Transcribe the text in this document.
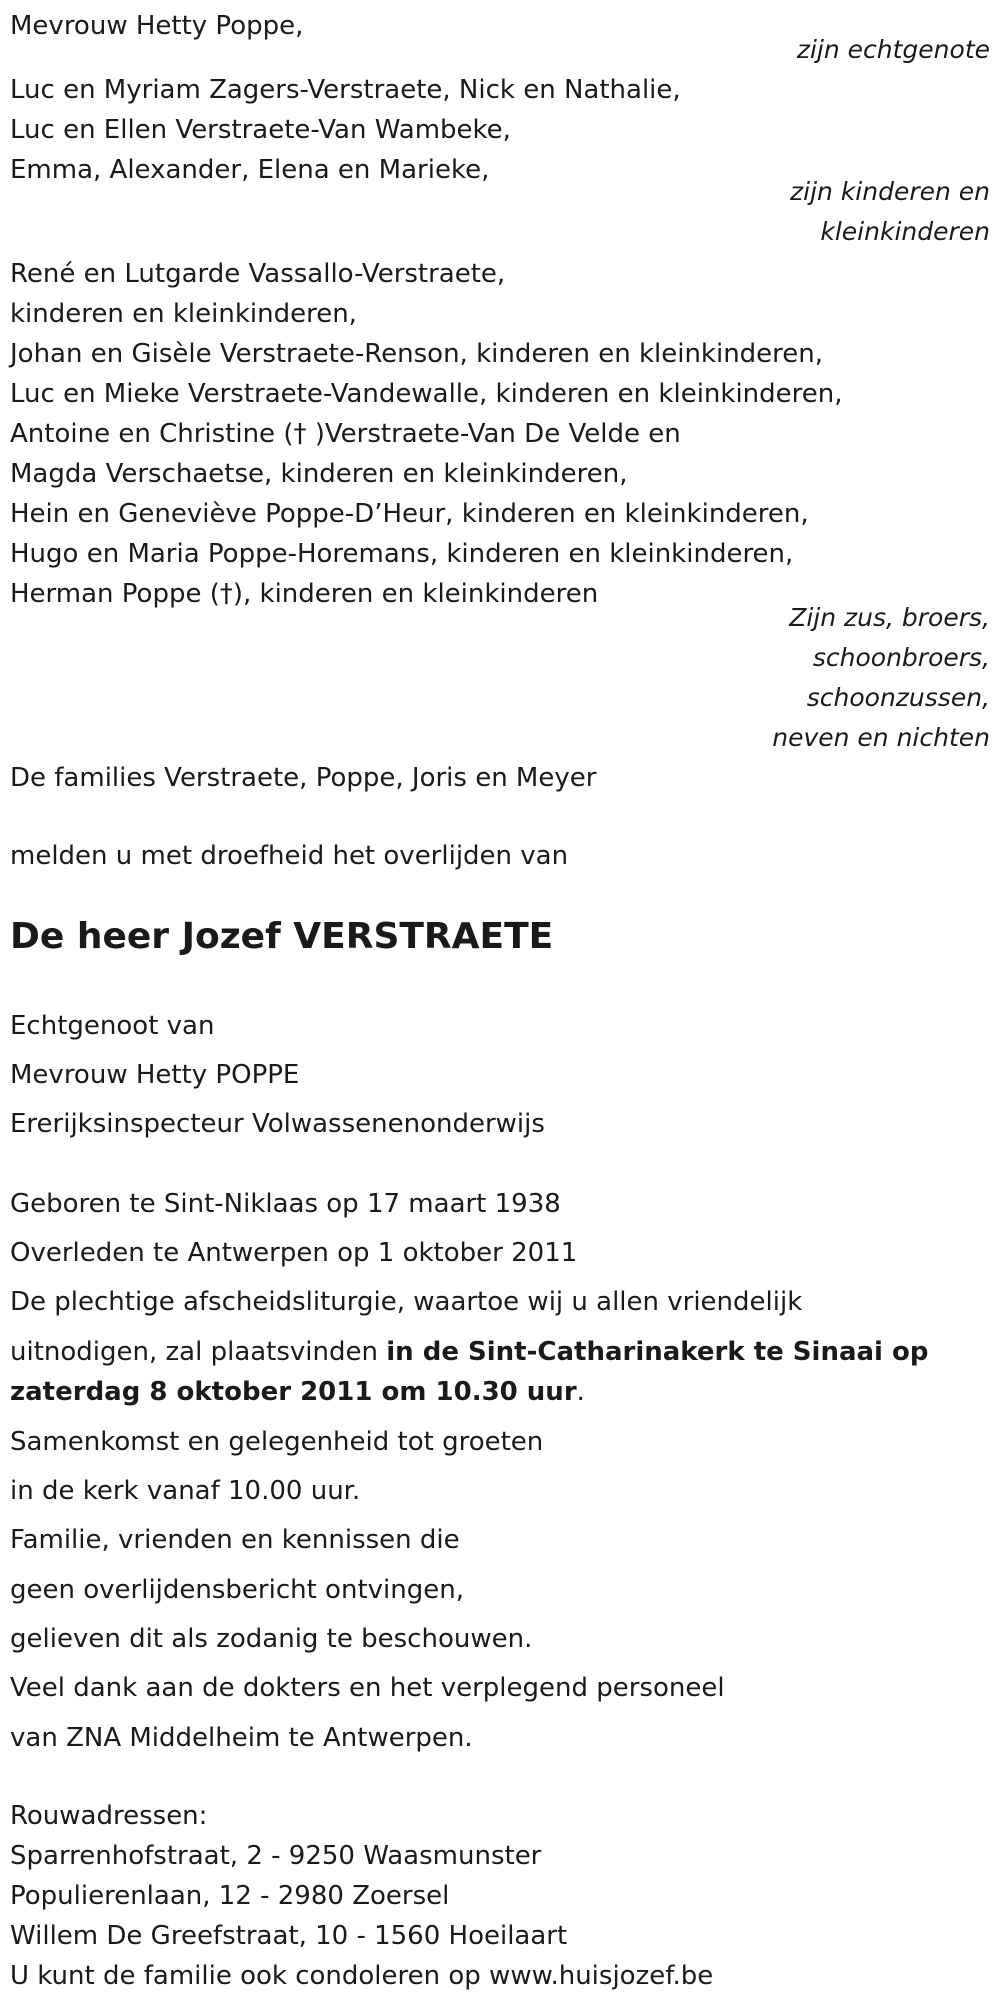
Mevrouw Hetty Poppe,
zijn echtgenote
Luc en Myriam Zagers-Verstraete, Nick en Nathalie,
Luc en Ellen Verstraete-Van Wambeke,
Emma, Alexander, Elena en Marieke,
zijn kinderen en
kleinkinderen
René en Lutgarde Vassallo-Verstraete,
kinderen en kleinkinderen,
Johan en Gisèle Verstraete-Renson, kinderen en kleinkinderen,
Luc en Mieke Verstraete-Vandewalle, kinderen en kleinkinderen,
Antoine en Christine († )Verstraete-Van De Velde en
Magda Verschaetse, kinderen en kleinkinderen,
Hein en Geneviève Poppe-D’Heur, kinderen en kleinkinderen,
Hugo en Maria Poppe-Horemans, kinderen en kleinkinderen,
Herman Poppe (†), kinderen en kleinkinderen
Zijn zus, broers,
schoonbroers,
schoonzussen,
neven en nichten
De families Verstraete, Poppe, Joris en Meyer
melden u met droefheid het overlijden van
De heer Jozef VERSTRAETE
Echtgenoot van
Mevrouw Hetty POPPE
Ererijksinspecteur Volwassenenonderwijs
Geboren te Sint-Niklaas op 17 maart 1938
Overleden te Antwerpen op 1 oktober 2011
De plechtige afscheidsliturgie, waartoe wij u allen vriendelijk
uitnodigen, zal plaatsvinden in de Sint-Catharinakerk te Sinaai op
zaterdag 8 oktober 2011 om 10.30 uur.
Samenkomst en gelegenheid tot groeten
in de kerk vanaf 10.00 uur.
Familie, vrienden en kennissen die
geen overlijdensbericht ontvingen,
gelieven dit als zodanig te beschouwen.
Veel dank aan de dokters en het verplegend personeel
van ZNA Middelheim te Antwerpen.
Rouwadressen:
Sparrenhofstraat, 2 - 9250 Waasmunster
Populierenlaan, 12 - 2980 Zoersel
Willem De Greefstraat, 10 - 1560 Hoeilaart
U kunt de familie ook condoleren op www.huisjozef.be
